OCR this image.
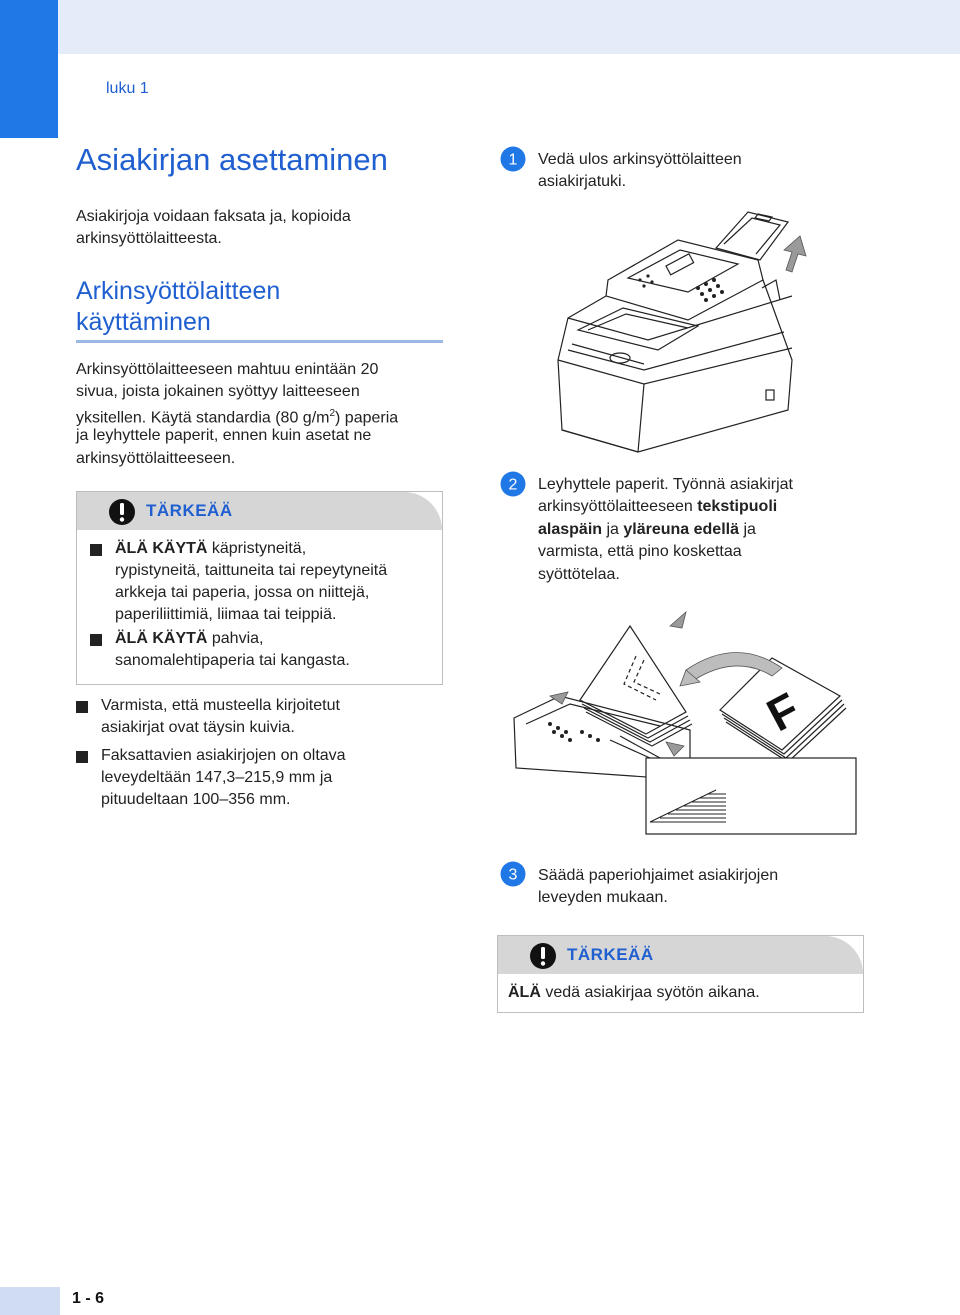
luku 1
Asiakirjan asettaminen

Asiakirjoja voidaan faksata ja, kopioida

arkinsyöttölaitteesta.

Arkinsyöttölaitteen käyttäminen

Arkinsyöttölaitteeseen mahtuu enintään 20

sivua, joista jokainen syöttyy laitteeseen

yksitellen. Käytä standardia (80 $g/m^2$) paperia

ja leyhyttele paperit, ennen kuin asetat ne

arkinsyöttölaitteeseen.

TÄRKEÄÄ

ÄLÄ KÄYTÄ käpristyneitä,

rypistyneitä, taittuneita tai repeytyneitä

arkkeja tai paperia, jossa on niittejä,

paperiliittimiä, liimaa tai teippiä.

ÄLÄ KÄYTÄ pahvia,

sanomalehtipaperia tai kangasta.

Varmista, että musteella kirjoitetut

asiakirjat ovat täysin kuivia.

Faksattavien asiakirjojen on oltava

leveydeltään 147,3–215,9 mm ja

pituudeltaan 100–356 mm.

1 Vedä ulos arkinsyöttölaitteen

asiakirjatuki.

2 Leyhyttele paperit. Työnnä asiakirjat

arkinsyöttölaitteeseen tekstipuoli

alaspäin ja yläreuna edellä ja

varmista, että pino koskettaa

syöttötelaa.

F
3 Säädä paperiohjaimet asiakirjojen

leveyden mukaan.

TÄRKEÄÄ

ÄLÄ vedä asiakirjaa syötön aikana.

1 - 6
